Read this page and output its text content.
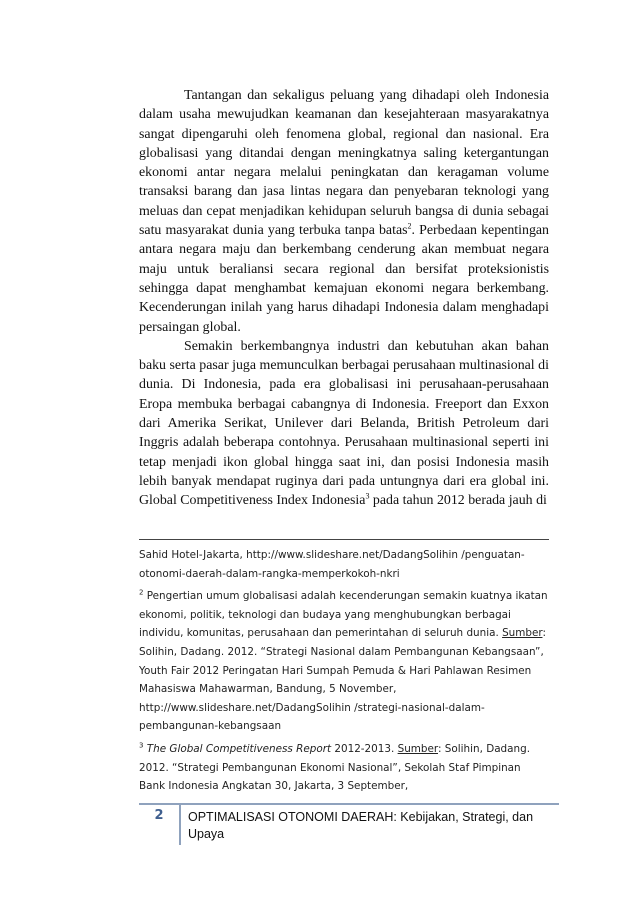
Tantangan dan sekaligus peluang yang dihadapi oleh Indonesia dalam usaha mewujudkan keamanan dan kesejahteraan masyarakatnya sangat dipengaruhi oleh fenomena global, regional dan nasional. Era globalisasi yang ditandai dengan meningkatnya saling ketergantungan ekonomi antar negara melalui peningkatan dan keragaman volume transaksi barang dan jasa lintas negara dan penyebaran teknologi yang meluas dan cepat menjadikan kehidupan seluruh bangsa di dunia sebagai satu masyarakat dunia yang terbuka tanpa batas$^2$. Perbedaan kepentingan antara negara maju dan berkembang cenderung akan membuat negara maju untuk beraliansi secara regional dan bersifat proteksionistis sehingga dapat menghambat kemajuan ekonomi negara berkembang. Kecenderungan inilah yang harus dihadapi Indonesia dalam menghadapi persaingan global.

Semakin berkembangnya industri dan kebutuhan akan bahan baku serta pasar juga memunculkan berbagai perusahaan multinasional di dunia. Di Indonesia, pada era globalisasi ini perusahaan-perusahaan Eropa membuka berbagai cabangnya di Indonesia. Freeport dan Exxon dari Amerika Serikat, Unilever dari Belanda, British Petroleum dari Inggris adalah beberapa contohnya. Perusahaan multinasional seperti ini tetap menjadi ikon global hingga saat ini, dan posisi Indonesia masih lebih banyak mendapat ruginya dari pada untungnya dari era global ini. Global Competitiveness Index Indonesia$^3$ pada tahun 2012 berada jauh di

Sahid Hotel-Jakarta, http://www.slideshare.net/DadangSolihin /penguatan-otonomi-daerah-dalam-rangka-memperkokoh-nkri

$^2$ Pengertian umum globalisasi adalah kecenderungan semakin kuatnya ikatan ekonomi, politik, teknologi dan budaya yang menghubungkan berbagai individu, komunitas, perusahaan dan pemerintahan di seluruh dunia. Sumber: Solihin, Dadang. 2012. “Strategi Nasional dalam Pembangunan Kebangsaan”, Youth Fair 2012 Peringatan Hari Sumpah Pemuda & Hari Pahlawan Resimen Mahasiswa Mahawarman, Bandung, 5 November, http://www.slideshare.net/DadangSolihin /strategi-nasional-dalam-pembangunan-kebangsaan

$^3$ The Global Competitiveness Report 2012-2013. Sumber: Solihin, Dadang. 2012. “Strategi Pembangunan Ekonomi Nasional”, Sekolah Staf Pimpinan Bank Indonesia Angkatan 30, Jakarta, 3 September,

2	OPTIMALISASI OTONOMI DAERAH: Kebijakan, Strategi, dan Upaya
